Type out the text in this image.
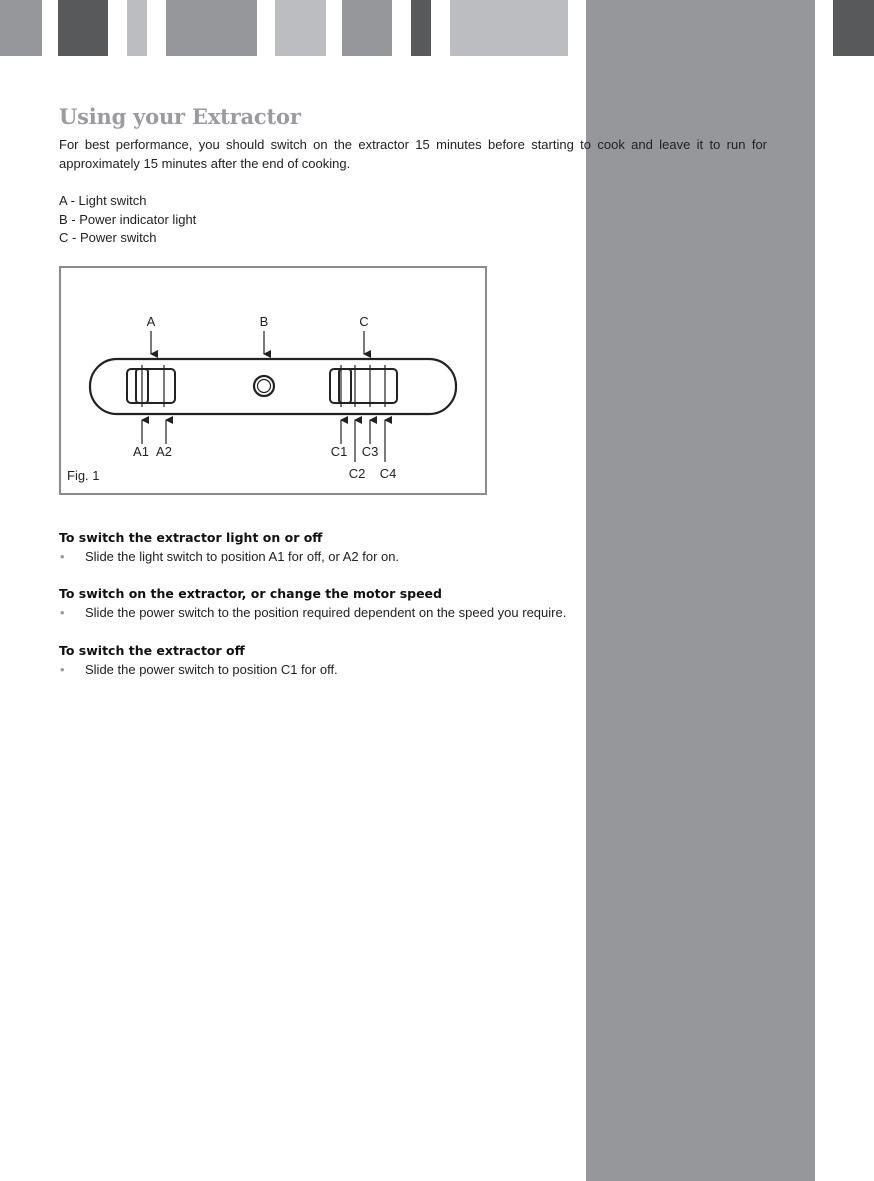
Using your Extractor

For best performance, you should switch on the extractor 15 minutes before starting to cook and leave it to run for approximately 15 minutes after the end of cooking.

A - Light switch
B - Power indicator light
C - Power switch
A	B	C
A1 A2	C1 C3
C2 C4
Fig. 1
To switch the extractor light on or off
• Slide the light switch to position A1 for off, or A2 for on.
To switch on the extractor, or change the motor speed
• Slide the power switch to the position required dependent on the speed you require.
To switch the extractor off
• Slide the power switch to position C1 for off.
